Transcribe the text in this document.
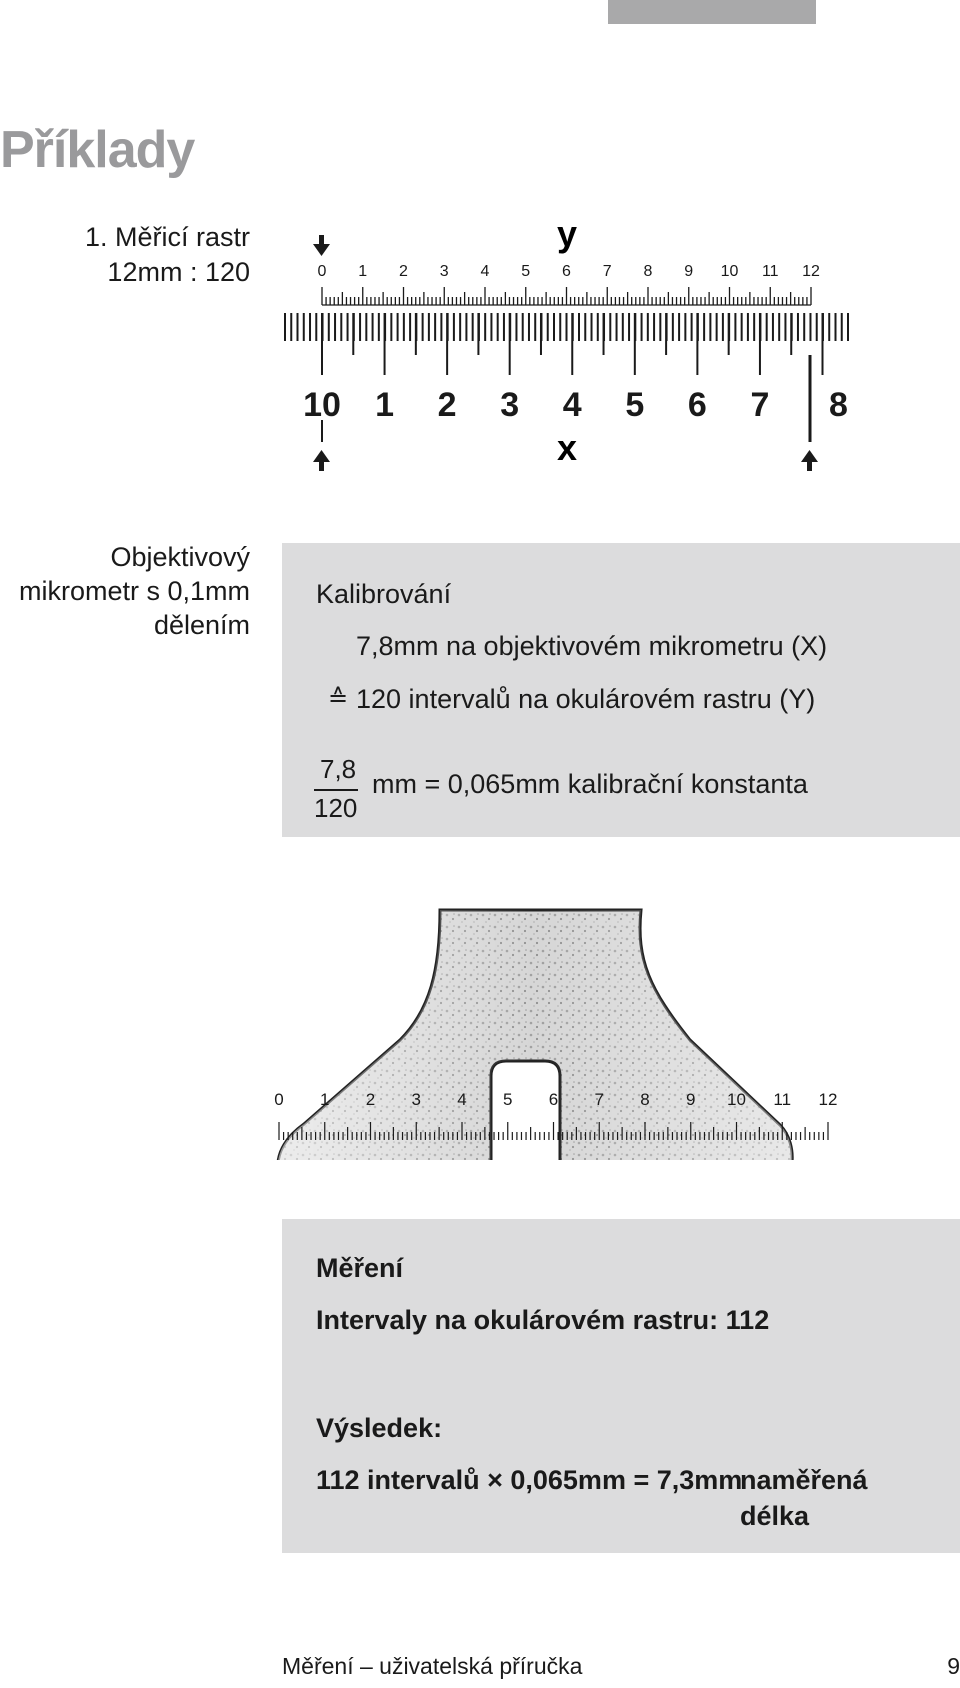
Příklady
1. Měřicí rastr
12mm : 120	0 1 2 3 4 5 6 7 8 9 10 11 12
10 1 2 3 4 5 6 7 8
y
x
Objektivový
mikrometr s 0,1mm
dělením
Kalibrování
7,8mm na objektivovém mikrometru (X)
≙ 120 intervalů na okulárovém rastru (Y)
7,8
120
mm = 0,065mm kalibrační konstanta
0 1 2 3 4 5 6 7 8 9 10 11 12
Měření
Intervaly na okulárovém rastru: 112
Výsledek:
112 intervalů × 0,065mm = 7,3mm
naměřená
délka
Měření – uživatelská příručka	9
